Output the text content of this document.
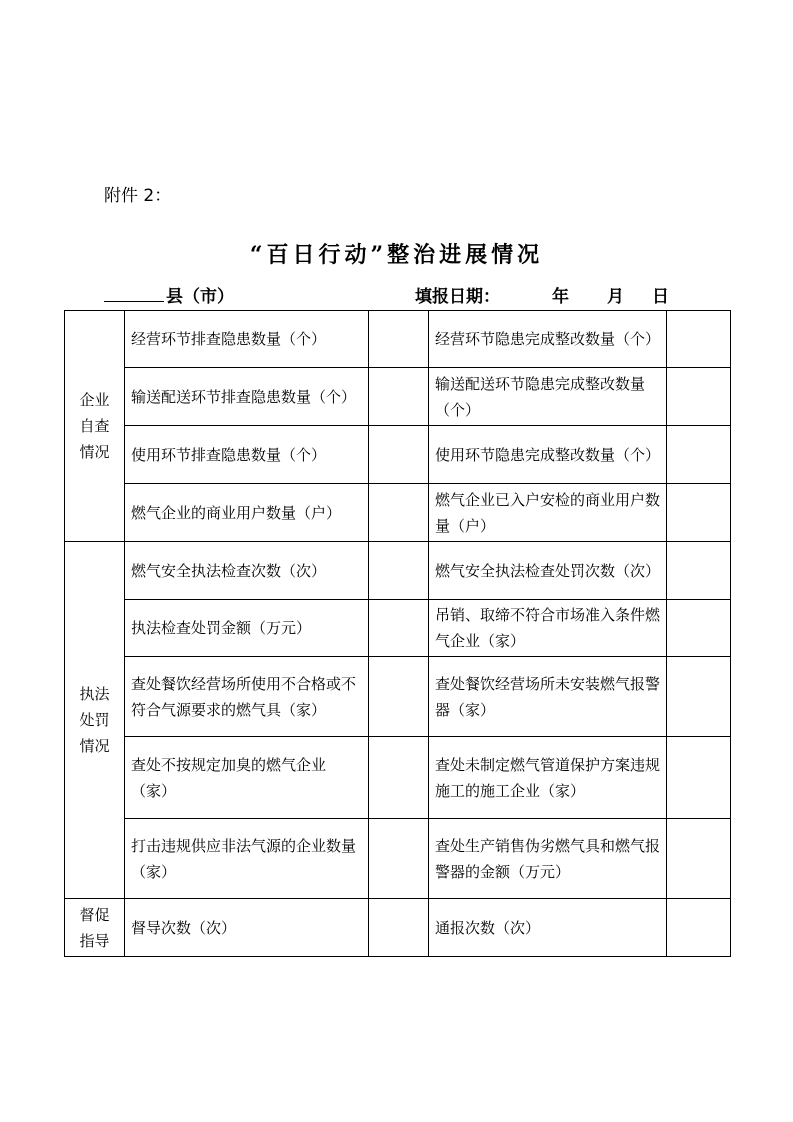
附件 2：
“百日行动”整治进展情况
县（市）	填报日期：	年 月 日
企业
自查
情况	经营环节排查隐患数量（个）		经营环节隐患完成整改数量（个）	
	输送配送环节排查隐患数量（个）		输送配送环节隐患完成整改数量（个）	
	使用环节排查隐患数量（个）		使用环节隐患完成整改数量（个）	
	燃气企业的商业用户数量（户）		燃气企业已入户安检的商业用户数量（户）	
执法
处罚
情况	燃气安全执法检查次数（次）		燃气安全执法检查处罚次数（次）	
	执法检查处罚金额（万元）		吊销、取缔不符合市场准入条件燃气企业（家）	
	查处餐饮经营场所使用不合格或不符合气源要求的燃气具（家）		查处餐饮经营场所未安装燃气报警器（家）	
	查处不按规定加臭的燃气企业（家）		查处未制定燃气管道保护方案违规施工的施工企业（家）	
	打击违规供应非法气源的企业数量（家）		查处生产销售伪劣燃气具和燃气报警器的金额（万元）	
督促
指导	督导次数（次）		通报次数（次）	
